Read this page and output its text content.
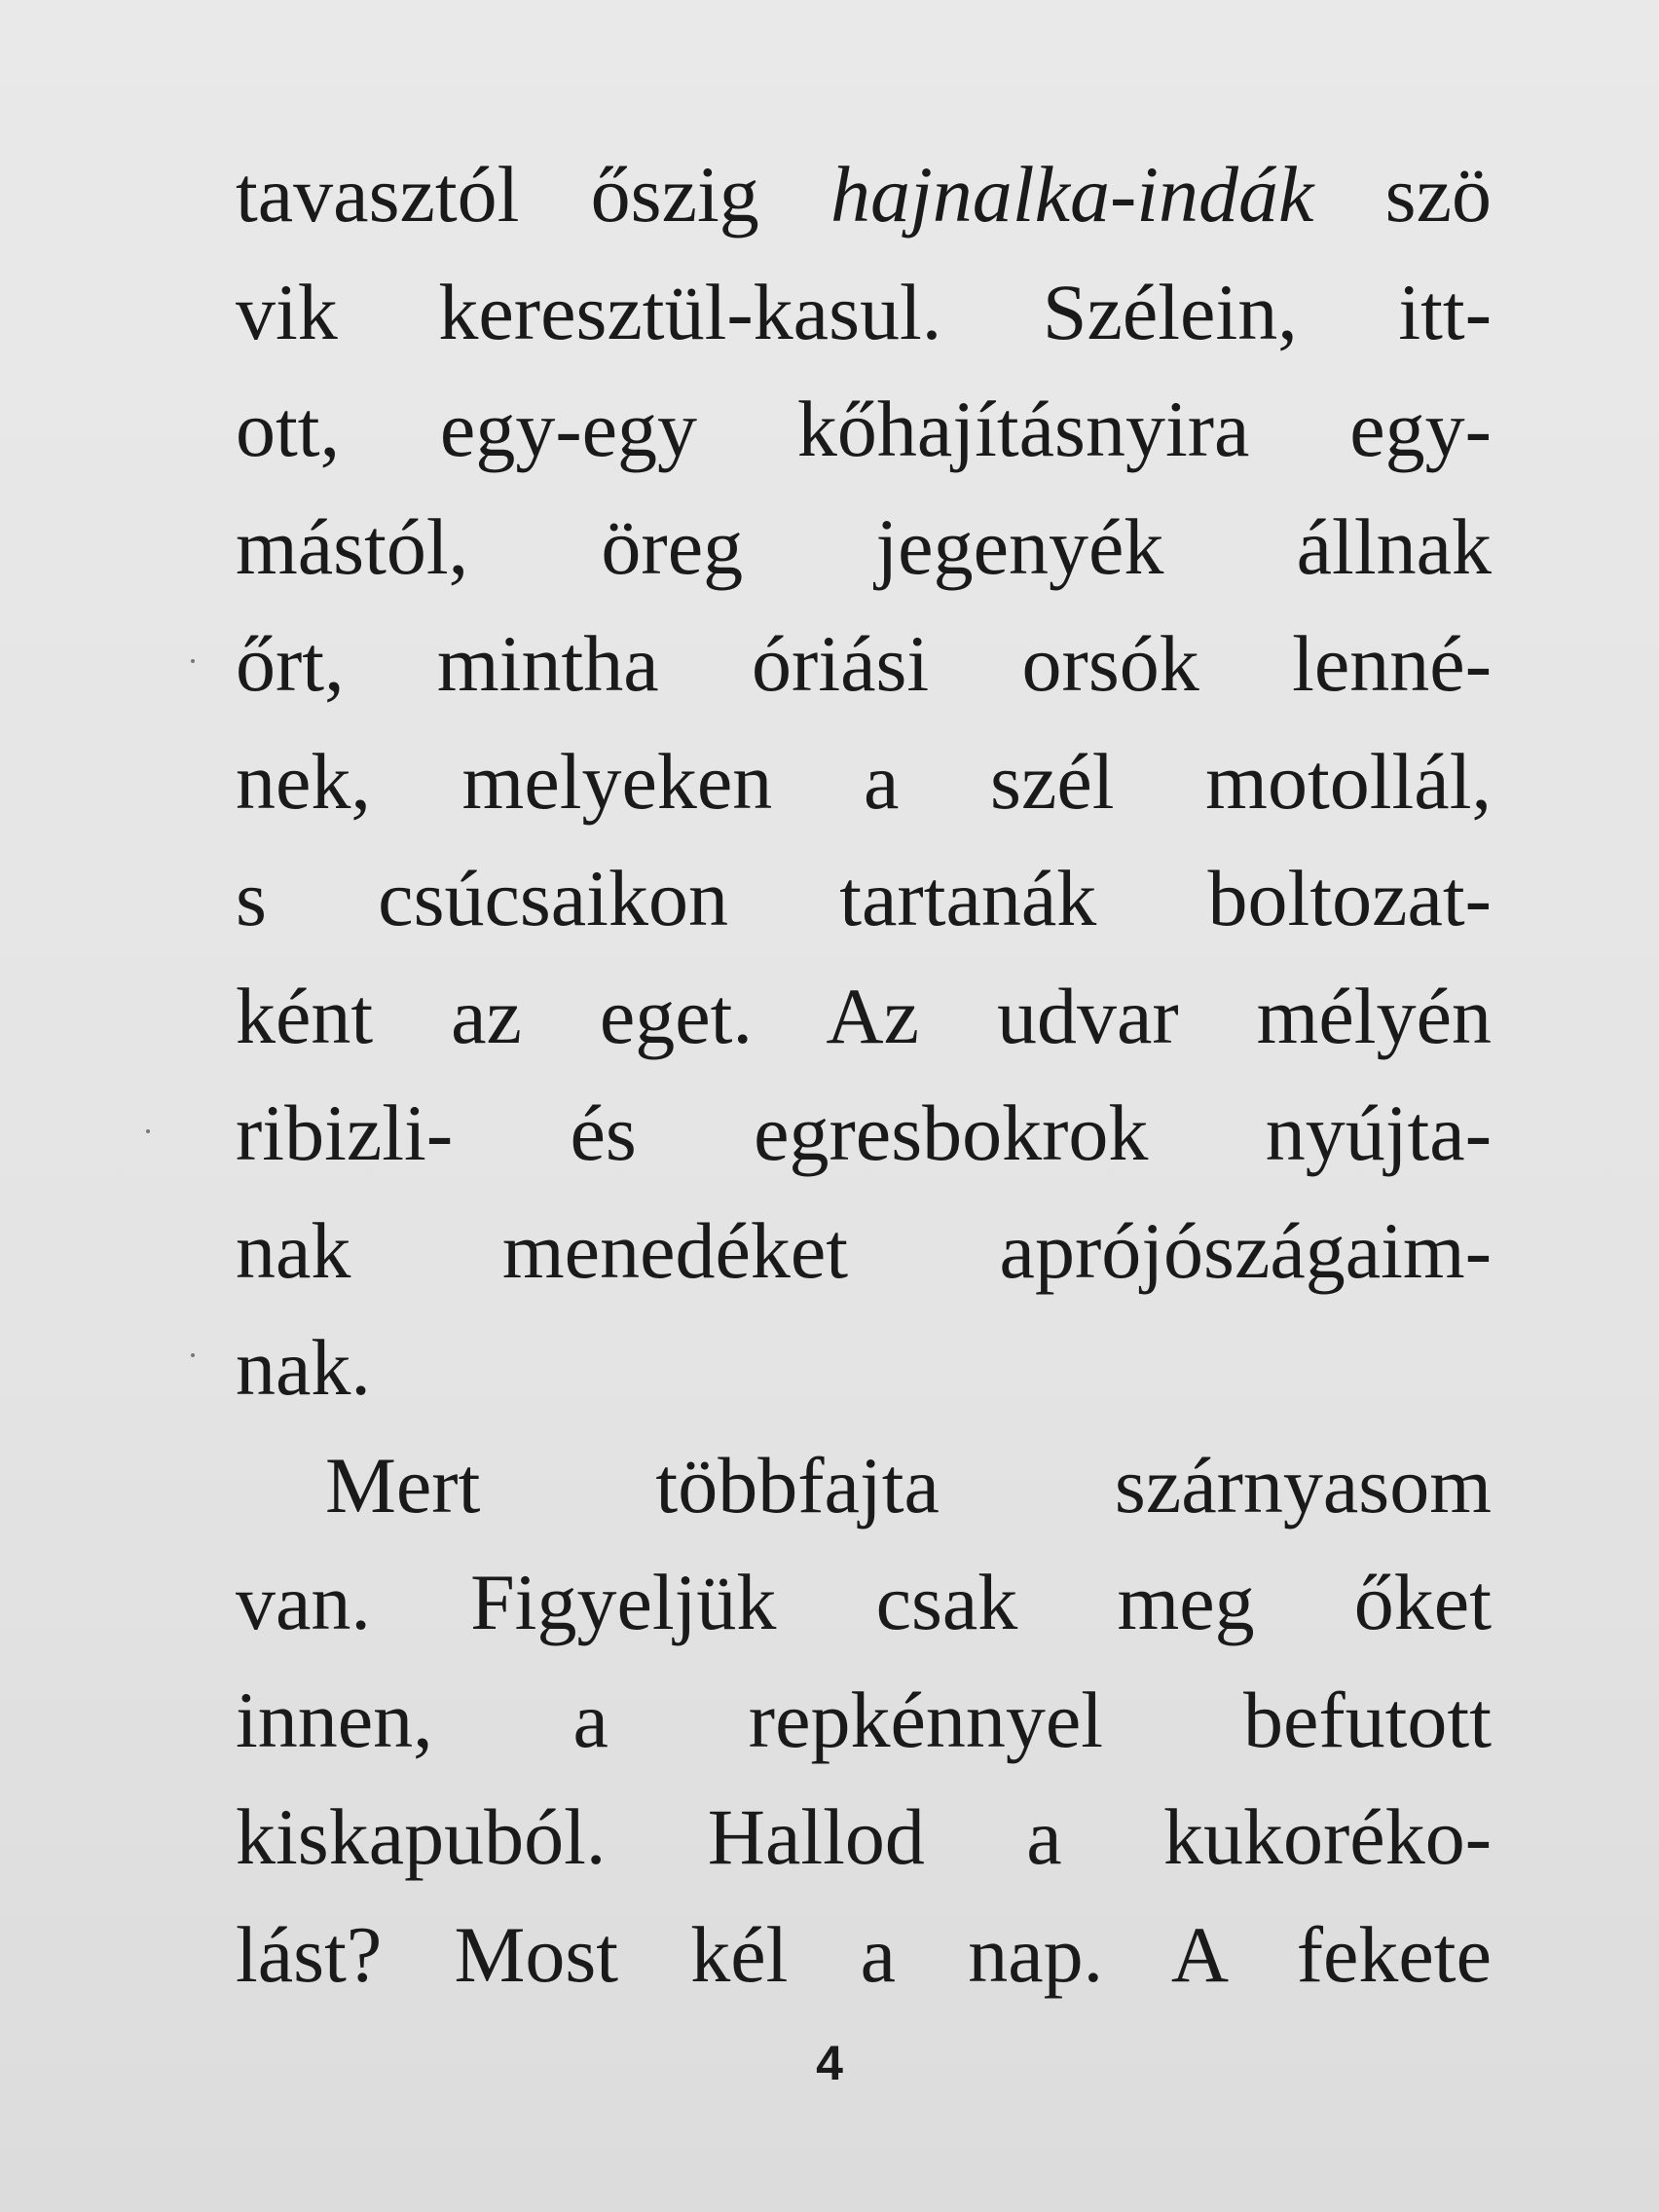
tavasztól őszig hajnalka-indák szö
vik keresztül-kasul. Szélein, itt-
ott, egy-egy kőhajításnyira egy-
mástól, öreg jegenyék állnak
őrt, mintha óriási orsók lenné-
nek, melyeken a szél motollál,
s csúcsaikon tartanák boltozat-
ként az eget. Az udvar mélyén
ribizli- és egresbokrok nyújta-
nak menedéket aprójószágaim-
nak.
Mert többfajta szárnyasom
van. Figyeljük csak meg őket
innen, a repkénnyel befutott
kiskapuból. Hallod a kukoréko-
lást? Most kél a nap. A fekete
4
